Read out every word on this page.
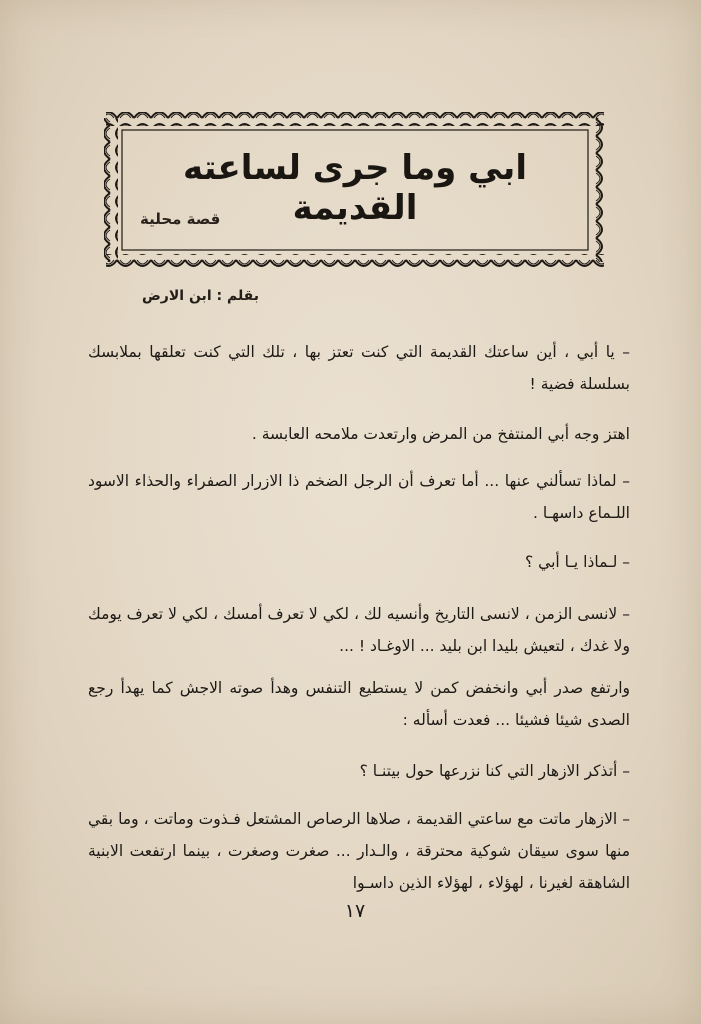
ابي وما جرى لساعته القديمة
قصة محلية
بقلم : ابن الارض
– يا أبي ، أين ساعتك القديمة التي كنت تعتز بها ، تلك التي كنت تعلقها بملابسك بسلسلة فضية !
اهتز وجه أبي المنتفخ من المرض وارتعدت ملامحه العابسة .
– لماذا تسألني عنها ... أما تعرف أن الرجل الضخم ذا الازرار الصفراء والحذاء الاسود اللـماع داسهـا .
– لـماذا يـا أبي ؟
– لانسى الزمن ، لانسى التاريخ وأنسيه لك ، لكي لا تعرف أمسك ، لكي لا تعرف يومك ولا غدك ، لتعيش بليدا ابن بليد ... الاوغـاد ! ...
وارتفع صدر أبي وانخفض كمن لا يستطيع التنفس وهدأ صوته الاجش كما يهدأ رجع الصدى شيئا فشيئا ... فعدت أسأله :
– أتذكر الازهار التي كنا نزرعها حول بيتنـا ؟
– الازهار ماتت مع ساعتي القديمة ، صلاها الرصاص المشتعل فـذوت وماتت ، وما بقي منها سوى سيقان شوكية محترقة ، والـدار ... صغرت وصغرت ، بينما ارتفعت الابنية الشاهقة لغيرنا ، لهؤلاء ، لهؤلاء الذين داسـوا
١٧
